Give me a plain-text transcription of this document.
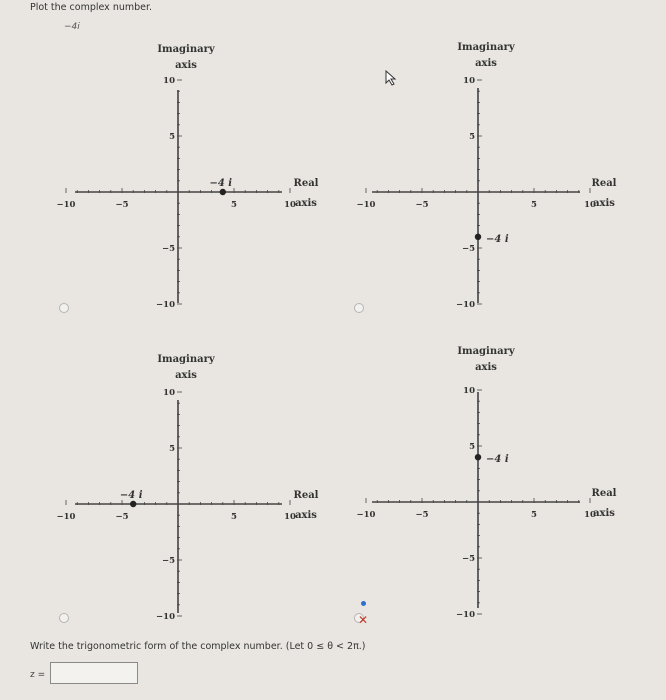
Plot the complex number.
−4i
−10	−5	5	10
10
5
−5
−10
Imaginary
axis
Real
axis
−4 i
−10	−5	5	10
10
5
−5
−10
Imaginary
axis
Real
axis
−4 i
−10	−5	5	10
10
5
−5
−10
Imaginary
axis
Real
axis
−4 i
−10	−5	5	10
10
5
−5
−10
Imaginary
axis
Real
axis
−4 i
✕
Write the trigonometric form of the complex number. (Let 0 ≤ θ < 2π.)
z =
